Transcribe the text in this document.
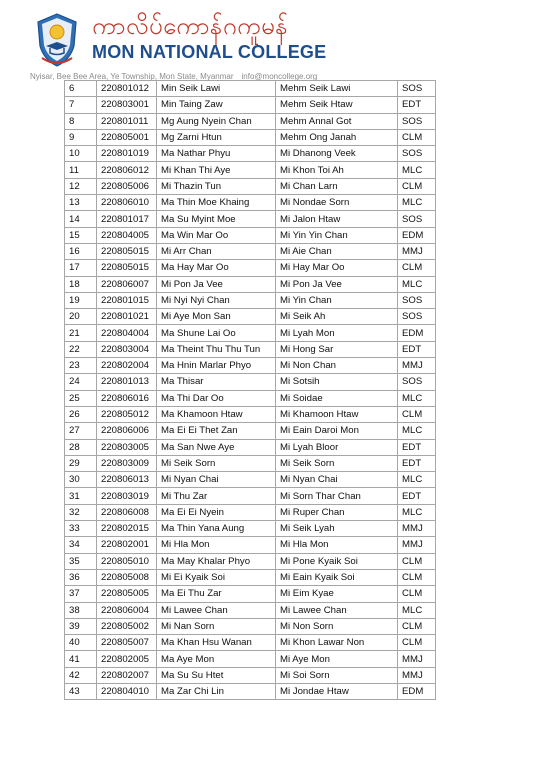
ကာလိပ်ကောန်ဂကူမန်
MON NATIONAL COLLEGE
Nyisar, Bee Bee Area, Ye Township, Mon State, Myanmar info@moncollege.org
6	220801012	Min Seik Lawi	Mehm Seik Lawi	SOS
7	220803001	Min Taing Zaw	Mehm Seik Htaw	EDT
8	220801011	Mg Aung Nyein Chan	Mehm Annal Got	SOS
9	220805001	Mg Zarni Htun	Mehm Ong Janah	CLM
10	220801019	Ma Nathar Phyu	Mi Dhanong Veek	SOS
11	220806012	Mi Khan Thi Aye	Mi Khon Toi Ah	MLC
12	220805006	Mi Thazin Tun	Mi Chan Larn	CLM
13	220806010	Ma Thin Moe Khaing	Mi Nondae Sorn	MLC
14	220801017	Ma Su Myint Moe	Mi Jalon Htaw	SOS
15	220804005	Ma Win Mar Oo	Mi Yin Yin Chan	EDM
16	220805015	Mi Arr Chan	Mi Aie Chan	MMJ
17	220805015	Ma Hay Mar Oo	Mi Hay Mar Oo	CLM
18	220806007	Mi Pon Ja Vee	Mi Pon Ja Vee	MLC
19	220801015	Mi Nyi Nyi Chan	Mi Yin Chan	SOS
20	220801021	Mi Aye Mon San	Mi Seik Ah	SOS
21	220804004	Ma Shune Lai Oo	Mi Lyah Mon	EDM
22	220803004	Ma Theint Thu Thu Tun	Mi Hong Sar	EDT
23	220802004	Ma Hnin Marlar Phyo	Mi Non Chan	MMJ
24	220801013	Ma Thisar	Mi Sotsih	SOS
25	220806016	Ma Thi Dar Oo	Mi Soidae	MLC
26	220805012	Ma Khamoon Htaw	Mi Khamoon Htaw	CLM
27	220806006	Ma Ei Ei Thet Zan	Mi Eain Daroi Mon	MLC
28	220803005	Ma San Nwe Aye	Mi Lyah Bloor	EDT
29	220803009	Mi Seik Sorn	Mi Seik Sorn	EDT
30	220806013	Mi Nyan Chai	Mi Nyan Chai	MLC
31	220803019	Mi Thu Zar	Mi Sorn Thar Chan	EDT
32	220806008	Ma Ei Ei Nyein	Mi Ruper Chan	MLC
33	220802015	Ma Thin Yana Aung	Mi Seik Lyah	MMJ
34	220802001	Mi Hla Mon	Mi Hla Mon	MMJ
35	220805010	Ma May Khalar Phyo	Mi Pone Kyaik Soi	CLM
36	220805008	Mi Ei Kyaik Soi	Mi Eain Kyaik Soi	CLM
37	220805005	Ma Ei Thu Zar	Mi Eim Kyae	CLM
38	220806004	Mi Lawee Chan	Mi Lawee Chan	MLC
39	220805002	Mi Nan Sorn	Mi Non Sorn	CLM
40	220805007	Ma Khan Hsu Wanan	Mi Khon Lawar Non	CLM
41	220802005	Ma Aye Mon	Mi Aye Mon	MMJ
42	220802007	Ma Su Su Htet	Mi Soi Sorn	MMJ
43	220804010	Ma Zar Chi Lin	Mi Jondae Htaw	EDM
